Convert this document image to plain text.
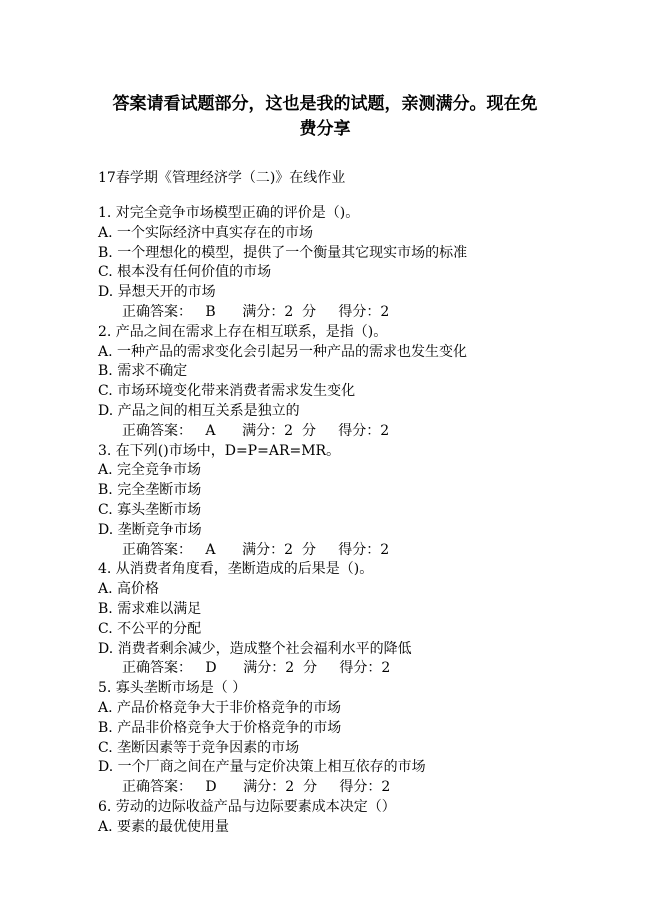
答案请看试题部分，这也是我的试题，亲测满分。现在免
费分享
17春学期《管理经济学（二)》在线作业
1. 对完全竞争市场模型正确的评价是（)。
A. 一个实际经济中真实存在的市场
B. 一个理想化的模型，提供了一个衡量其它现实市场的标准
C. 根本没有任何价值的市场
D. 异想天开的市场
正确答案：   B      满分：2  分     得分：2
2. 产品之间在需求上存在相互联系，是指（)。
A. 一种产品的需求变化会引起另一种产品的需求也发生变化
B. 需求不确定
C. 市场环境变化带来消费者需求发生变化
D. 产品之间的相互关系是独立的
正确答案：   A      满分：2  分     得分：2
3. 在下列()市场中，D=P=AR=MR。
A. 完全竞争市场
B. 完全垄断市场
C. 寡头垄断市场
D. 垄断竞争市场
正确答案：   A      满分：2  分     得分：2
4. 从消费者角度看，垄断造成的后果是（)。
A. 高价格
B. 需求难以满足
C. 不公平的分配
D. 消费者剩余减少，造成整个社会福利水平的降低
正确答案：   D      满分：2  分     得分：2
5. 寡头垄断市场是（ ）
A. 产品价格竞争大于非价格竞争的市场
B. 产品非价格竞争大于价格竞争的市场
C. 垄断因素等于竞争因素的市场
D. 一个厂商之间在产量与定价决策上相互依存的市场
正确答案：   D      满分：2  分     得分：2
6. 劳动的边际收益产品与边际要素成本决定（）
A. 要素的最优使用量
